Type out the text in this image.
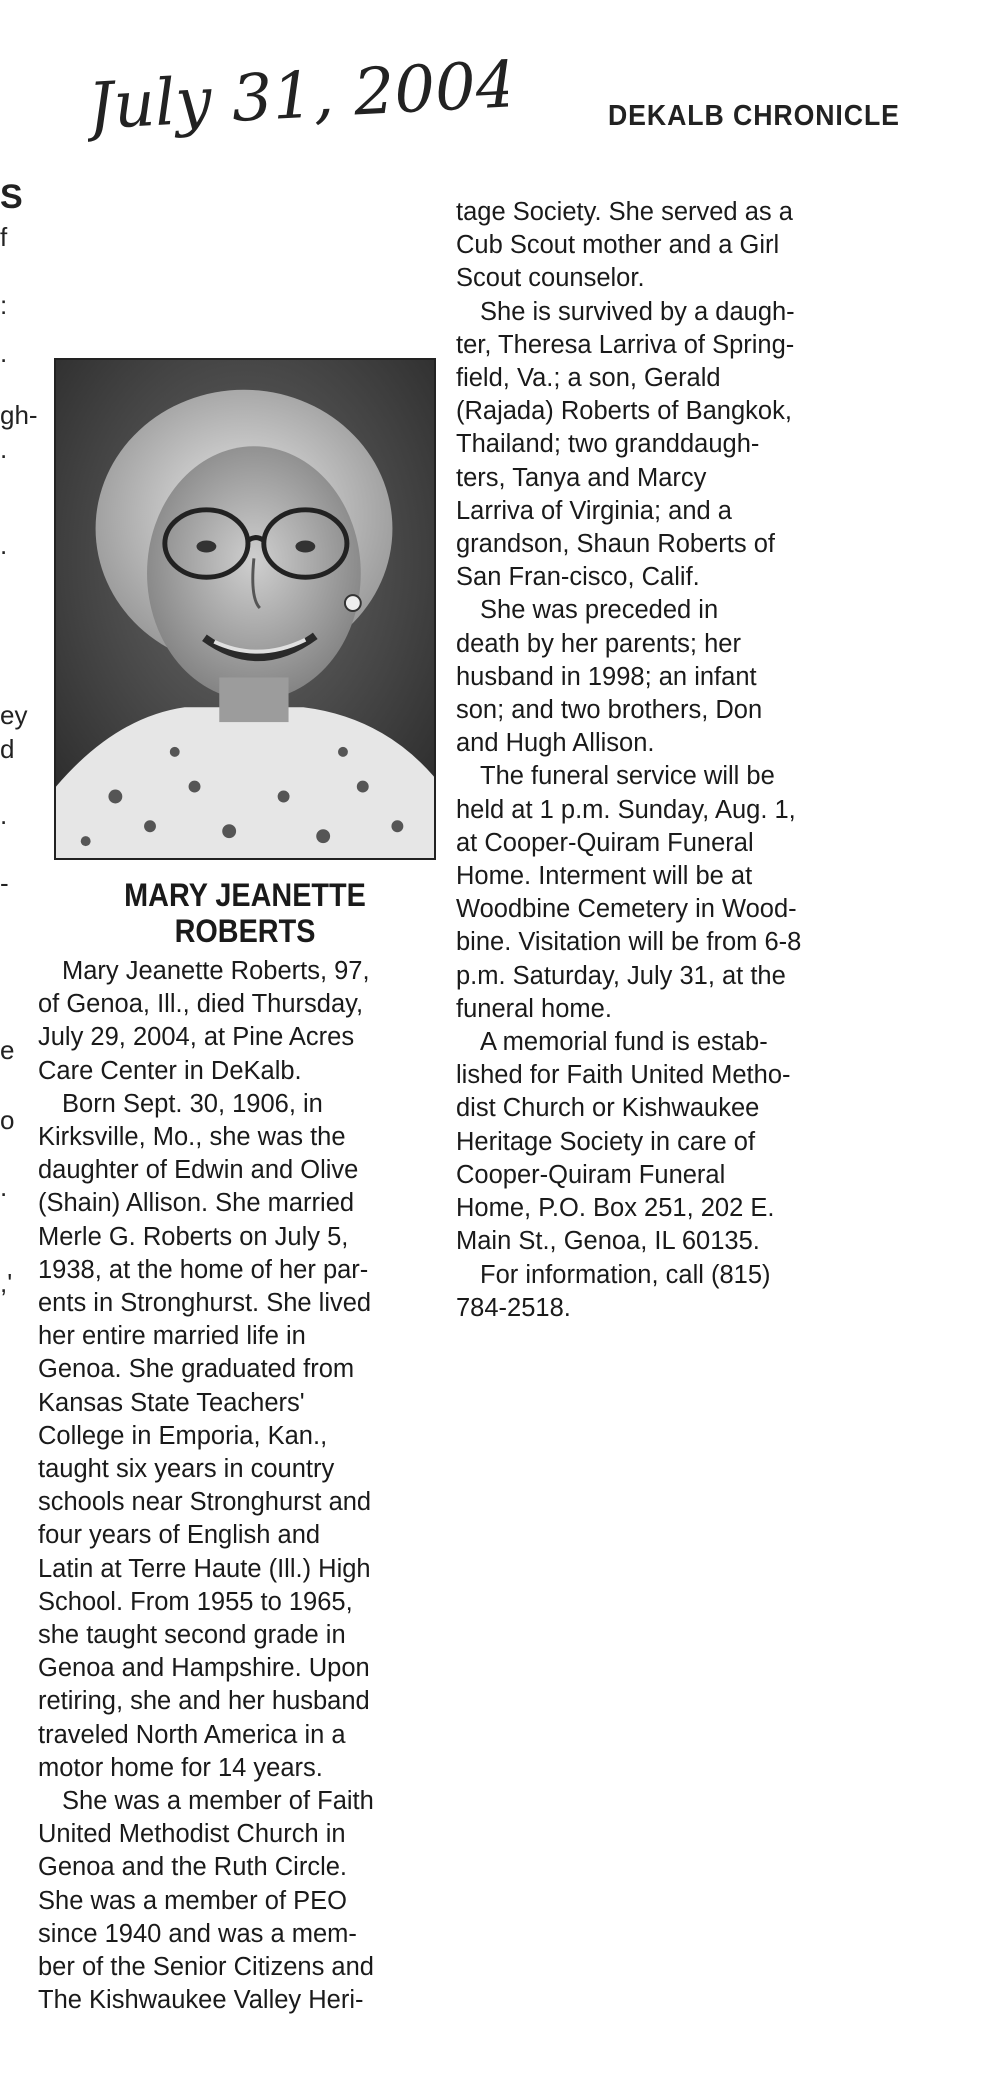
July 31, 2004	DEKALB CHRONICLE
S
f
:
.
gh-
.
.
ey
d
.
-
e
o
.
,'
MARY JEANETTE
ROBERTS
Mary Jeanette Roberts, 97,
of Genoa, Ill., died Thursday,
July 29, 2004, at Pine Acres
Care Center in DeKalb.
Born Sept. 30, 1906, in
Kirksville, Mo., she was the
daughter of Edwin and Olive
(Shain) Allison. She married
Merle G. Roberts on July 5,
1938, at the home of her par-
ents in Stronghurst. She lived
her entire married life in
Genoa. She graduated from
Kansas State Teachers'
College in Emporia, Kan.,
taught six years in country
schools near Stronghurst and
four years of English and
Latin at Terre Haute (Ill.) High
School. From 1955 to 1965,
she taught second grade in
Genoa and Hampshire. Upon
retiring, she and her husband
traveled North America in a
motor home for 14 years.
She was a member of Faith
United Methodist Church in
Genoa and the Ruth Circle.
She was a member of PEO
since 1940 and was a mem-
ber of the Senior Citizens and
The Kishwaukee Valley Heri-
tage Society. She served as a
Cub Scout mother and a Girl
Scout counselor.
She is survived by a daugh-
ter, Theresa Larriva of Spring-
field, Va.; a son, Gerald
(Rajada) Roberts of Bangkok,
Thailand; two granddaugh-
ters, Tanya and Marcy
Larriva of Virginia; and a
grandson, Shaun Roberts of
San Fran-cisco, Calif.
She was preceded in
death by her parents; her
husband in 1998; an infant
son; and two brothers, Don
and Hugh Allison.
The funeral service will be
held at 1 p.m. Sunday, Aug. 1,
at Cooper-Quiram Funeral
Home. Interment will be at
Woodbine Cemetery in Wood-
bine. Visitation will be from 6-8
p.m. Saturday, July 31, at the
funeral home.
A memorial fund is estab-
lished for Faith United Metho-
dist Church or Kishwaukee
Heritage Society in care of
Cooper-Quiram Funeral
Home, P.O. Box 251, 202 E.
Main St., Genoa, IL 60135.
For information, call (815)
784-2518.
